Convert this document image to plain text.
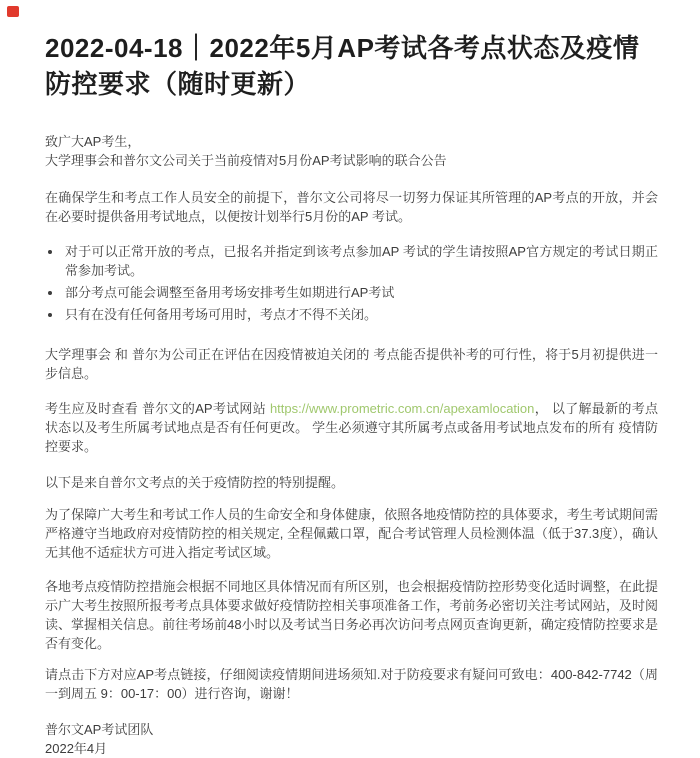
2022-04-18｜2022年5月AP考试各考点状态及疫情防控要求（随时更新）

致广大AP考生，

大学理事会和普尔文公司关于当前疫情对5月份AP考试影响的联合公告

在确保学生和考点工作人员安全的前提下，普尔文公司将尽一切努力保证其所管理的AP考点的开放，并会在必要时提供备用考试地点，以便按计划举行5月份的AP 考试。

• 对于可以正常开放的考点，已报名并指定到该考点参加AP 考试的学生请按照AP官方规定的考试日期正常参加考试。
• 部分考点可能会调整至备用考场安排考生如期进行AP考试
• 只有在没有任何备用考场可用时，考点才不得不关闭。

大学理事会 和 普尔为公司正在评估在因疫情被迫关闭的 考点能否提供补考的可行性，将于5月初提供进一步信息。

考生应及时查看 普尔文的AP考试网站 https://www.prometric.com.cn/apexamlocation， 以了解最新的考点状态以及考生所属考试地点是否有任何更改。 学生必须遵守其所属考点或备用考试地点发布的所有 疫情防控要求。

以下是来自普尔文考点的关于疫情防控的特别提醒。

为了保障广大考生和考试工作人员的生命安全和身体健康，依照各地疫情防控的具体要求，考生考试期间需严格遵守当地政府对疫情防控的相关规定, 全程佩戴口罩，配合考试管理人员检测体温（低于37.3度），确认无其他不适症状方可进入指定考试区域。

各地考点疫情防控措施会根据不同地区具体情况而有所区别，也会根据疫情防控形势变化适时调整，在此提示广大考生按照所报考考点具体要求做好疫情防控相关事项准备工作，考前务必密切关注考试网站，及时阅读、掌握相关信息。前往考场前48小时以及考试当日务必再次访问考点网页查询更新，确定疫情防控要求是否有变化。

请点击下方对应AP考点链接，仔细阅读疫情期间进场须知.对于防疫要求有疑问可致电：400-842-7742（周一到周五 9：00-17：00）进行咨询，谢谢！

普尔文AP考试团队

2022年4月
